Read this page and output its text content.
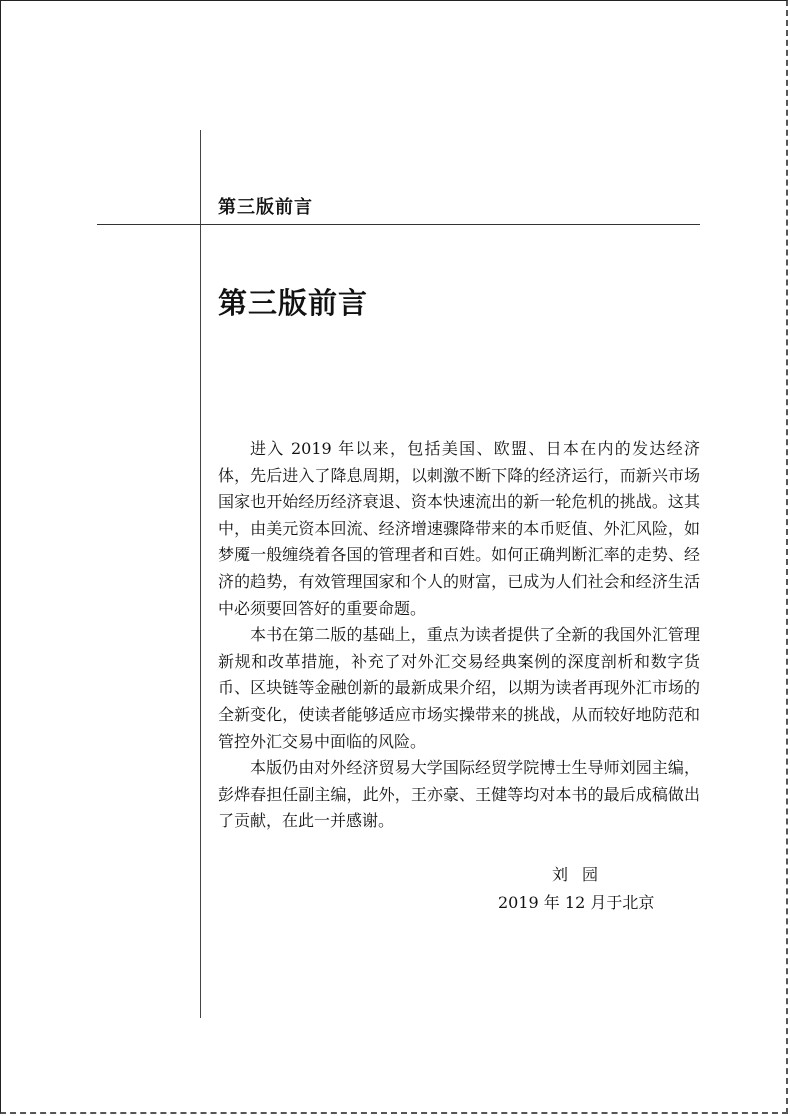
第三版前言
第三版前言

进入 2019 年以来，包括美国、欧盟、日本在内的发达经济体，先后进入了降息周期，以刺激不断下降的经济运行，而新兴市场国家也开始经历经济衰退、资本快速流出的新一轮危机的挑战。这其中，由美元资本回流、经济增速骤降带来的本币贬值、外汇风险，如梦魇一般缠绕着各国的管理者和百姓。如何正确判断汇率的走势、经济的趋势，有效管理国家和个人的财富，已成为人们社会和经济生活中必须要回答好的重要命题。

本书在第二版的基础上，重点为读者提供了全新的我国外汇管理新规和改革措施，补充了对外汇交易经典案例的深度剖析和数字货币、区块链等金融创新的最新成果介绍，以期为读者再现外汇市场的全新变化，使读者能够适应市场实操带来的挑战，从而较好地防范和管控外汇交易中面临的风险。

本版仍由对外经济贸易大学国际经贸学院博士生导师刘园主编，彭烨春担任副主编，此外，王亦豪、王健等均对本书的最后成稿做出了贡献，在此一并感谢。

刘园
2019 年 12 月于北京
